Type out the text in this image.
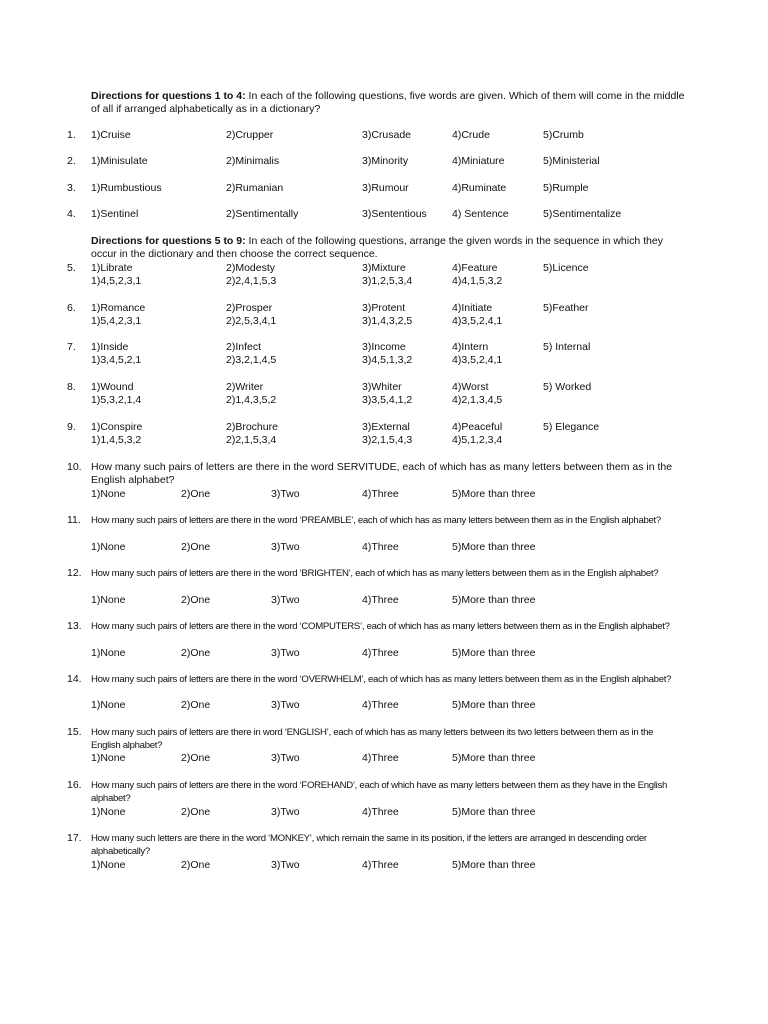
Directions for questions 1 to 4: In each of the following questions, five words are given. Which of them will come in the middle of all if arranged alphabetically as in a dictionary?
1. 1)Cruise	2)Crupper	3)Crusade	4)Crude	5)Crumb
2. 1)Minisulate	2)Minimalis	3)Minority	4)Miniature	5)Ministerial
3. 1)Rumbustious	2)Rumanian	3)Rumour	4)Ruminate	5)Rumple
4. 1)Sentinel	2)Sentimentally	3)Sententious 4) Sentence	5)Sentimentalize
Directions for questions 5 to 9: In each of the following questions, arrange the given words in the sequence in which they occur in the dictionary and then choose the correct sequence.
5. 1)Librate	2)Modesty	3)Mixture	4)Feature	5)Licence
1)4,5,2,3,1	2)2,4,1,5,3	3)1,2,5,3,4	4)4,1,5,3,2
6. 1)Romance	2)Prosper	3)Protent	4)Initiate	5)Feather
1)5,4,2,3,1	2)2,5,3,4,1	3)1,4,3,2,5	4)3,5,2,4,1
7. 1)Inside	2)Infect	3)Income	4)Intern	5) Internal
1)3,4,5,2,1	2)3,2,1,4,5	3)4,5,1,3,2	4)3,5,2,4,1
8. 1)Wound	2)Writer	3)Whiter	4)Worst	5) Worked
1)5,3,2,1,4	2)1,4,3,5,2	3)3,5,4,1,2	4)2,1,3,4,5
9. 1)Conspire	2)Brochure	3)External	4)Peaceful	5) Elegance
1)1,4,5,3,2	2)2,1,5,3,4	3)2,1,5,4,3	4)5,1,2,3,4
10. How many such pairs of letters are there in the word SERVITUDE, each of which has as many letters between them as in the English alphabet?
1)None	2)One	3)Two	4)Three	5)More than three
11. How many such pairs of letters are there in the word ‘PREAMBLE’, each of which has as many letters between them as in the English alphabet?
1)None	2)One	3)Two	4)Three	5)More than three
12. How many such pairs of letters are there in the word ‘BRIGHTEN’, each of which has as many letters between them as in the English alphabet?
1)None	2)One	3)Two	4)Three	5)More than three
13. How many such pairs of letters are there in the word ‘COMPUTERS’, each of which has as many letters between them as in the English alphabet?
1)None	2)One	3)Two	4)Three	5)More than three
14. How many such pairs of letters are there in the word ‘OVERWHELM’, each of which has as many letters between them as in the English alphabet?
1)None	2)One	3)Two	4)Three	5)More than three
15. How many such pairs of letters are there in word ‘ENGLISH’, each of which has as many letters between its two letters between them as in the English alphabet?
1)None	2)One	3)Two	4)Three	5)More than three
16. How many such pairs of letters are there in the word ‘FOREHAND’, each of which have as many letters between them as they have in the English alphabet?
1)None	2)One	3)Two	4)Three	5)More than three
17. How many such letters are there in the word ‘MONKEY’, which remain the same in its position, if the letters are arranged in descending order alphabetically?
1)None	2)One	3)Two	4)Three	5)More than three
